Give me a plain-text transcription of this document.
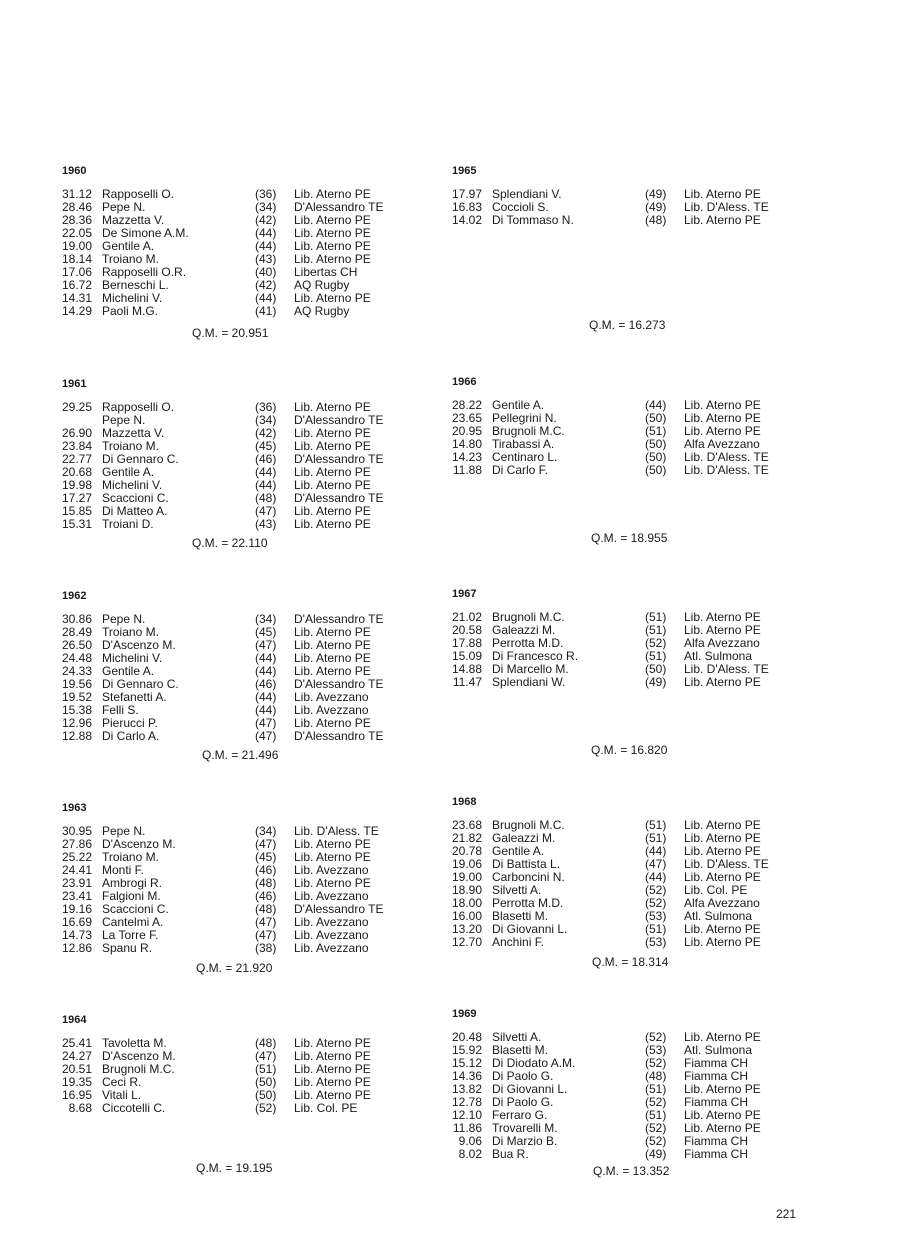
1960
31.12 Rapposelli O.	(36) Lib. Aterno PE
28.46 Pepe N.	(34) D'Alessandro TE
28.36 Mazzetta V.	(42) Lib. Aterno PE
22.05 De Simone A.M.	(44) Lib. Aterno PE
19.00 Gentile A.	(44) Lib. Aterno PE
18.14 Troiano M.	(43) Lib. Aterno PE
17.06 Rapposelli O.R.	(40) Libertas CH
16.72 Berneschi L.	(42) AQ Rugby
14.31 Michelini V.	(44) Lib. Aterno PE
14.29 Paoli M.G.	(41) AQ Rugby
Q.M. = 20.951
1961
29.25 Rapposelli O.	(36) Lib. Aterno PE
Pepe N.	(34) D'Alessandro TE
26.90 Mazzetta V.	(42) Lib. Aterno PE
23.84 Troiano M.	(45) Lib. Aterno PE
22.77 Di Gennaro C.	(46) D'Alessandro TE
20.68 Gentile A.	(44) Lib. Aterno PE
19.98 Michelini V.	(44) Lib. Aterno PE
17.27 Scaccioni C.	(48) D'Alessandro TE
15.85 Di Matteo A.	(47) Lib. Aterno PE
15.31 Troiani D.	(43) Lib. Aterno PE
Q.M. = 22.110
1962
30.86 Pepe N.	(34) D'Alessandro TE
28.49 Troiano M.	(45) Lib. Aterno PE
26.50 D'Ascenzo M.	(47) Lib. Aterno PE
24.48 Michelini V.	(44) Lib. Aterno PE
24.33 Gentile A.	(44) Lib. Aterno PE
19.56 Di Gennaro C.	(46) D'Alessandro TE
19.52 Stefanetti A.	(44) Lib. Avezzano
15.38 Felli S.	(44) Lib. Avezzano
12.96 Pierucci P.	(47) Lib. Aterno PE
12.88 Di Carlo A.	(47) D'Alessandro TE
Q.M. = 21.496
1963
30.95 Pepe N.	(34) Lib. D'Aless. TE
27.86 D'Ascenzo M.	(47) Lib. Aterno PE
25.22 Troiano M.	(45) Lib. Aterno PE
24.41 Monti F.	(46) Lib. Avezzano
23.91 Ambrogi R.	(48) Lib. Aterno PE
23.41 Falgioni M.	(46) Lib. Avezzano
19.16 Scaccioni C.	(48) D'Alessandro TE
16.69 Cantelmi A.	(47) Lib. Avezzano
14.73 La Torre F.	(47) Lib. Avezzano
12.86 Spanu R.	(38) Lib. Avezzano
Q.M. = 21.920
1964
25.41 Tavoletta M.	(48) Lib. Aterno PE
24.27 D'Ascenzo M.	(47) Lib. Aterno PE
20.51 Brugnoli M.C.	(51) Lib. Aterno PE
19.35 Ceci R.	(50) Lib. Aterno PE
16.95 Vitali L.	(50) Lib. Aterno PE
8.68 Ciccotelli C.	(52) Lib. Col. PE
Q.M. = 19.195
1965
17.97 Splendiani V.	(49) Lib. Aterno PE
16.83 Coccioli S.	(49) Lib. D'Aless. TE
14.02 Di Tommaso N.	(48) Lib. Aterno PE
Q.M. = 16.273
1966
28.22 Gentile A.	(44) Lib. Aterno PE
23.65 Pellegrini N.	(50) Lib. Aterno PE
20.95 Brugnoli M.C.	(51) Lib. Aterno PE
14.80 Tirabassi A.	(50) Alfa Avezzano
14.23 Centinaro L.	(50) Lib. D'Aless. TE
11.88 Di Carlo F.	(50) Lib. D'Aless. TE
Q.M. = 18.955
1967
21.02 Brugnoli M.C.	(51) Lib. Aterno PE
20.58 Galeazzi M.	(51) Lib. Aterno PE
17.88 Perrotta M.D.	(52) Alfa Avezzano
15.09 Di Francesco R.	(51) Atl. Sulmona
14.88 Di Marcello M.	(50) Lib. D'Aless. TE
11.47 Splendiani W.	(49) Lib. Aterno PE
Q.M. = 16.820
1968
23.68 Brugnoli M.C.	(51) Lib. Aterno PE
21.82 Galeazzi M.	(51) Lib. Aterno PE
20.78 Gentile A.	(44) Lib. Aterno PE
19.06 Di Battista L.	(47) Lib. D'Aless. TE
19.00 Carboncini N.	(44) Lib. Aterno PE
18.90 Silvetti A.	(52) Lib. Col. PE
18.00 Perrotta M.D.	(52) Alfa Avezzano
16.00 Blasetti M.	(53) Atl. Sulmona
13.20 Di Giovanni L.	(51) Lib. Aterno PE
12.70 Anchini F.	(53) Lib. Aterno PE
Q.M. = 18.314
1969
20.48 Silvetti A.	(52) Lib. Aterno PE
15.92 Blasetti M.	(53) Atl. Sulmona
15.12 Di Diodato A.M.	(52) Fiamma CH
14.36 Di Paolo G.	(48) Fiamma CH
13.82 Di Giovanni L.	(51) Lib. Aterno PE
12.78 Di Paolo G.	(52) Fiamma CH
12.10 Ferraro G.	(51) Lib. Aterno PE
11.86 Trovarelli M.	(52) Lib. Aterno PE
9.06 Di Marzio B.	(52) Fiamma CH
8.02 Bua R.	(49) Fiamma CH
Q.M. = 13.352
221
